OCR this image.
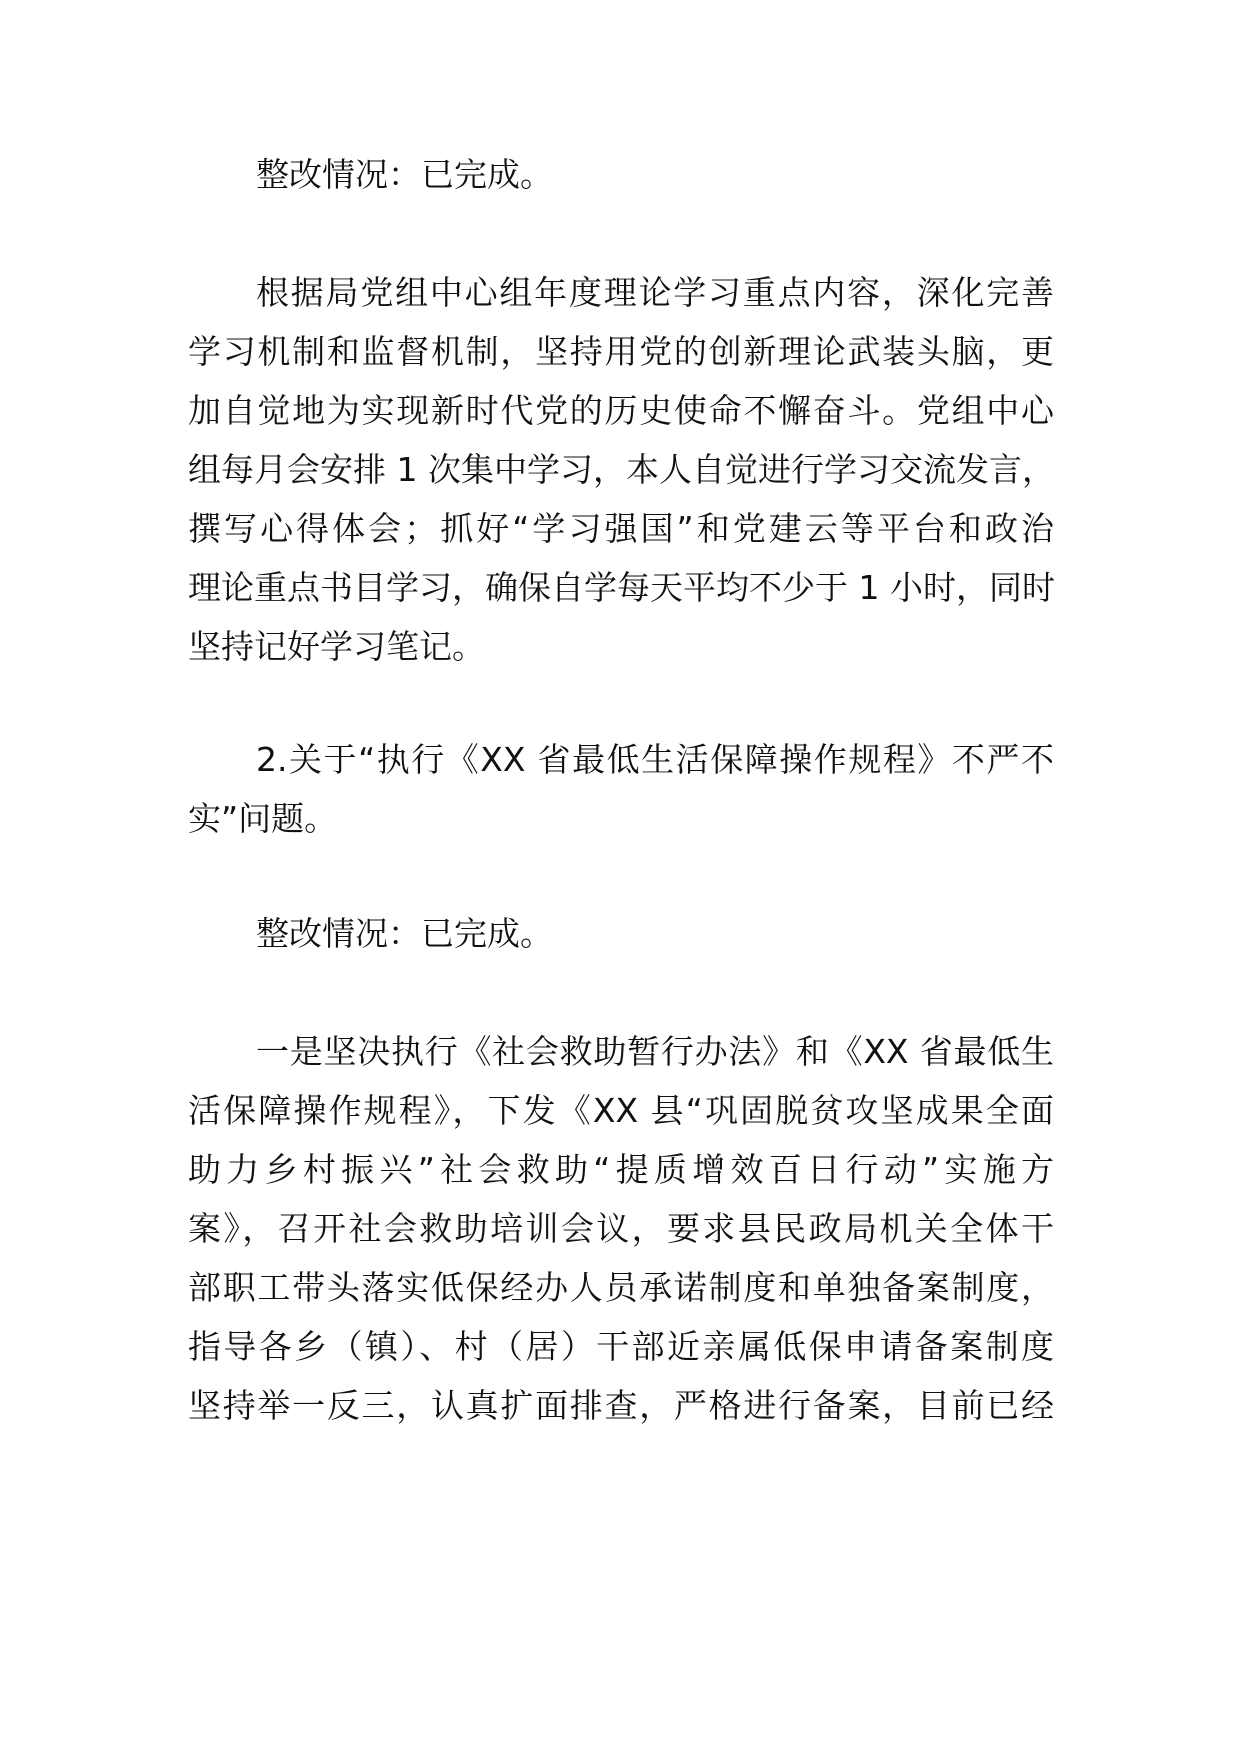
整改情况：已完成。

根据局党组中心组年度理论学习重点内容，深化完善

学习机制和监督机制，坚持用党的创新理论武装头脑，更

加自觉地为实现新时代党的历史使命不懈奋斗。党组中心

组每月会安排 1 次集中学习，本人自觉进行学习交流发言，

撰写心得体会；抓好“学习强国”和党建云等平台和政治

理论重点书目学习，确保自学每天平均不少于 1 小时，同时

坚持记好学习笔记。

2.关于“执行《XX 省最低生活保障操作规程》不严不

实”问题。

整改情况：已完成。

一是坚决执行《社会救助暂行办法》和《XX 省最低生

活保障操作规程》，下发《XX 县“巩固脱贫攻坚成果全面

助力乡村振兴”社会救助“提质增效百日行动”实施方

案》，召开社会救助培训会议，要求县民政局机关全体干

部职工带头落实低保经办人员承诺制度和单独备案制度，

指导各乡（镇）、村（居）干部近亲属低保申请备案制度

坚持举一反三，认真扩面排查，严格进行备案，目前已经
